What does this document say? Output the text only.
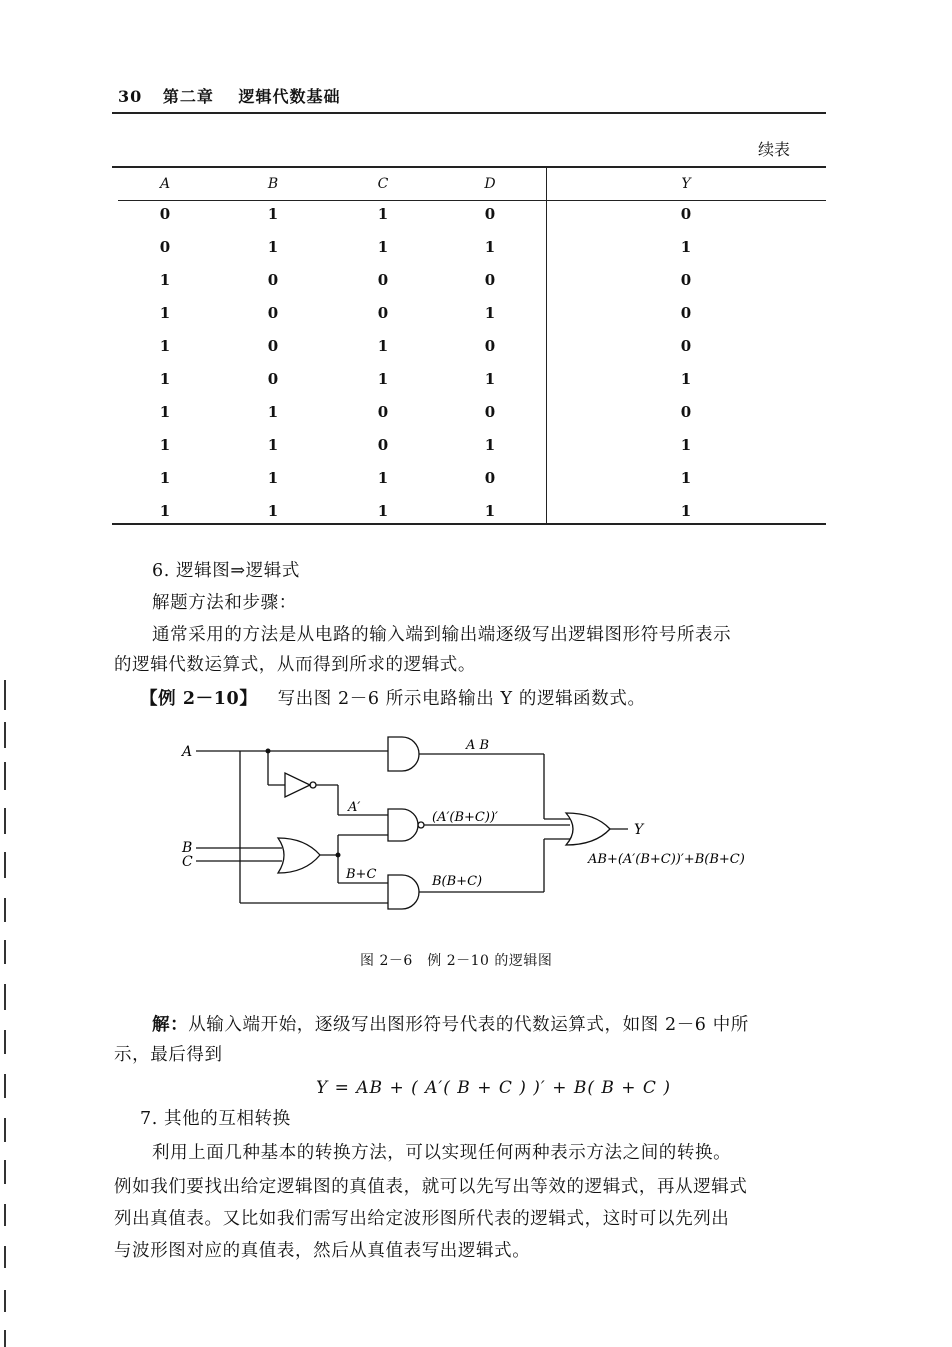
30 第二章 逻辑代数基础
续表
A	B	C	D	Y
0	1	1	0	0
0	1	1	1	1
1	0	0	0	0
1	0	0	1	0
1	0	1	0	0
1	0	1	1	1
1	1	0	0	0
1	1	0	1	1
1	1	1	0	1
1	1	1	1	1
6. 逻辑图⇒逻辑式
解题方法和步骤：
通常采用的方法是从电路的输入端到输出端逐级写出逻辑图形符号所表示
的逻辑代数运算式，从而得到所求的逻辑式。
【例 2－10】 写出图 2－6 所示电路输出 Y 的逻辑函数式。
A
B
C
Y
A B
A′
(A′(B+C))′
B+C	B(B+C)
AB+(A′(B+C))′+B(B+C)
图 2－6　例 2－10 的逻辑图
解：从输入端开始，逐级写出图形符号代表的代数运算式，如图 2－6 中所
示，最后得到
Y = AB + ( A′( B + C ) )′ + B( B + C )
7. 其他的互相转换
利用上面几种基本的转换方法，可以实现任何两种表示方法之间的转换。
例如我们要找出给定逻辑图的真值表，就可以先写出等效的逻辑式，再从逻辑式
列出真值表。又比如我们需写出给定波形图所代表的逻辑式，这时可以先列出
与波形图对应的真值表，然后从真值表写出逻辑式。
